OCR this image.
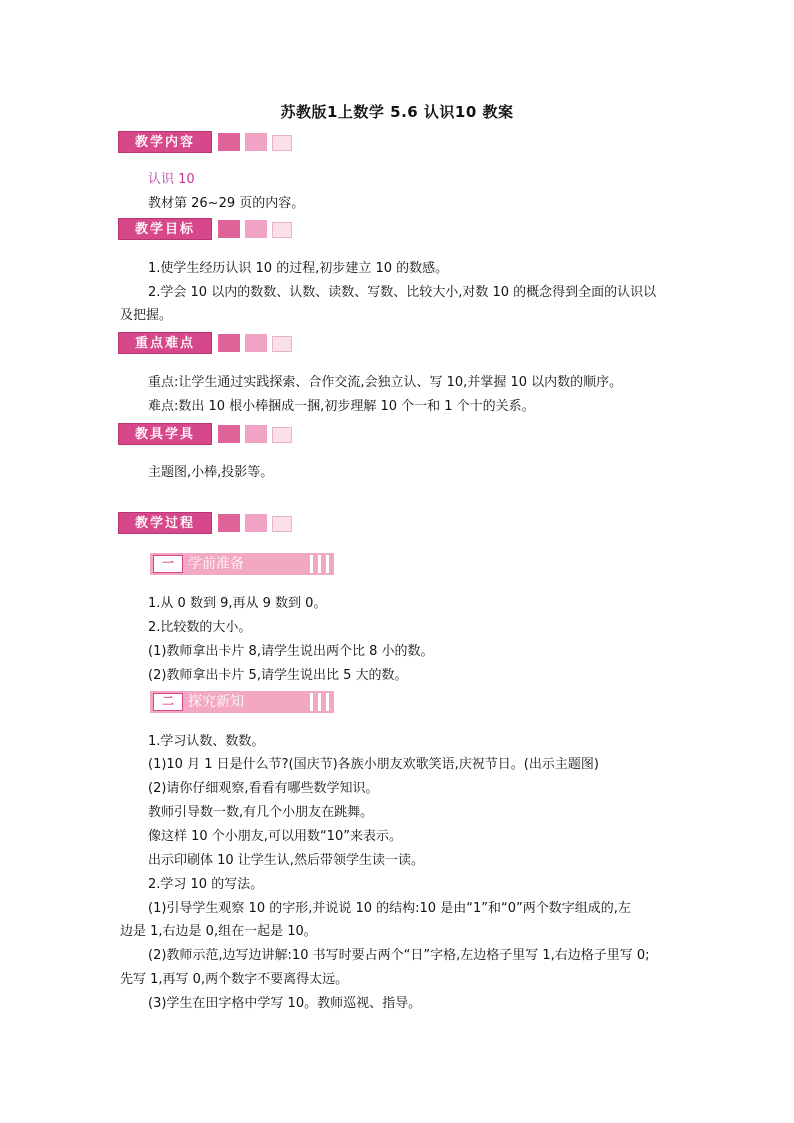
苏教版1上数学 5.6 认识10 教案
教学内容
认识 10
教材第 26~29 页的内容。
教学目标
1.使学生经历认识 10 的过程,初步建立 10 的数感。
2.学会 10 以内的数数、认数、读数、写数、比较大小,对数 10 的概念得到全面的认识以
及把握。
重点难点
重点:让学生通过实践探索、合作交流,会独立认、写 10,并掌握 10 以内数的顺序。
难点:数出 10 根小棒捆成一捆,初步理解 10 个一和 1 个十的关系。
教具学具
主题图,小棒,投影等。
教学过程
一	学前准备
1.从 0 数到 9,再从 9 数到 0。
2.比较数的大小。
(1)教师拿出卡片 8,请学生说出两个比 8 小的数。
(2)教师拿出卡片 5,请学生说出比 5 大的数。
二	探究新知
1.学习认数、数数。
(1)10 月 1 日是什么节?(国庆节)各族小朋友欢歌笑语,庆祝节日。(出示主题图)
(2)请你仔细观察,看看有哪些数学知识。
教师引导数一数,有几个小朋友在跳舞。
像这样 10 个小朋友,可以用数“10”来表示。
出示印刷体 10 让学生认,然后带领学生读一读。
2.学习 10 的写法。
(1)引导学生观察 10 的字形,并说说 10 的结构:10 是由“1”和“0”两个数字组成的,左
边是 1,右边是 0,组在一起是 10。
(2)教师示范,边写边讲解:10 书写时要占两个“日”字格,左边格子里写 1,右边格子里写 0;
先写 1,再写 0,两个数字不要离得太远。
(3)学生在田字格中学写 10。教师巡视、指导。
